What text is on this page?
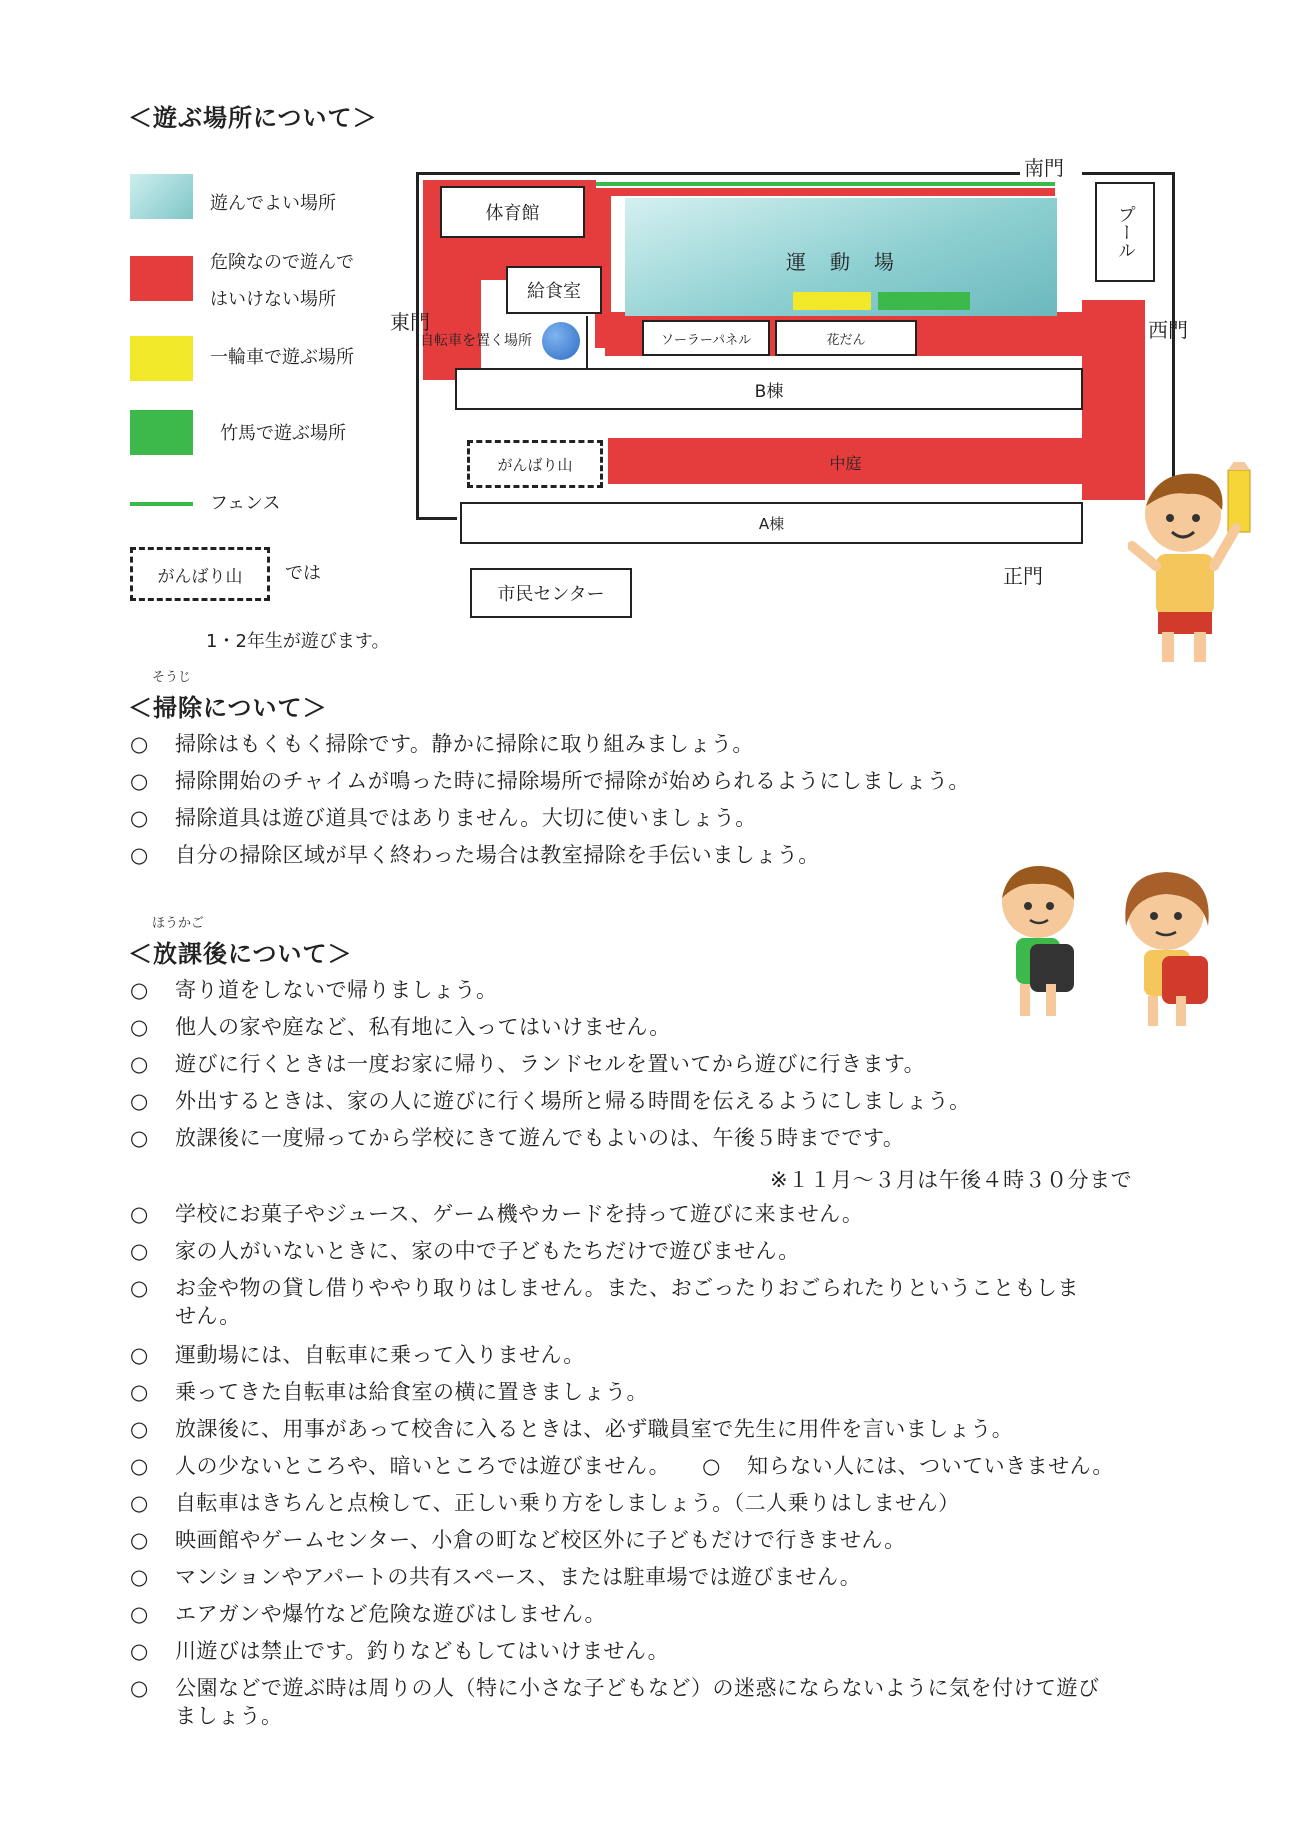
＜遊ぶ場所について＞
遊んでよい場所
危険なので遊んで
はいけない場所
一輪車で遊ぶ場所
竹馬で遊ぶ場所
フェンス
がんばり山 では
1・2年生が遊びます。
中庭
運　動　場
体育館
給食室
ソーラーパネル	花だん
B棟
A棟
プール
自転車を置く場所
がんばり山
南門
東門	西門
正門
市民センター
そうじ
＜掃除について＞
○ 掃除はもくもく掃除です。静かに掃除に取り組みましょう。
○ 掃除開始のチャイムが鳴った時に掃除場所で掃除が始められるようにしましょう。
○ 掃除道具は遊び道具ではありません。大切に使いましょう。
○ 自分の掃除区域が早く終わった場合は教室掃除を手伝いましょう。
ほうかご
＜放課後について＞
○ 寄り道をしないで帰りましょう。
○ 他人の家や庭など、私有地に入ってはいけません。
○ 遊びに行くときは一度お家に帰り、ランドセルを置いてから遊びに行きます。
○ 外出するときは、家の人に遊びに行く場所と帰る時間を伝えるようにしましょう。
○ 放課後に一度帰ってから学校にきて遊んでもよいのは、午後５時までです。
※１１月～３月は午後４時３０分まで
○ 学校にお菓子やジュース、ゲーム機やカードを持って遊びに来ません。
○ 家の人がいないときに、家の中で子どもたちだけで遊びません。
○ お金や物の貸し借りややり取りはしません。また、おごったりおごられたりということもしま
せん。
○ 運動場には、自転車に乗って入りません。
○ 乗ってきた自転車は給食室の横に置きましょう。
○ 放課後に、用事があって校舎に入るときは、必ず職員室で先生に用件を言いましょう。
○ 人の少ないところや、暗いところでは遊びません。 ○ 知らない人には、ついていきません。
○ 自転車はきちんと点検して、正しい乗り方をしましょう。（二人乗りはしません）
○ 映画館やゲームセンター、小倉の町など校区外に子どもだけで行きません。
○ マンションやアパートの共有スペース、または駐車場では遊びません。
○ エアガンや爆竹など危険な遊びはしません。
○ 川遊びは禁止です。釣りなどもしてはいけません。
○ 公園などで遊ぶ時は周りの人（特に小さな子どもなど）の迷惑にならないように気を付けて遊び
ましょう。
